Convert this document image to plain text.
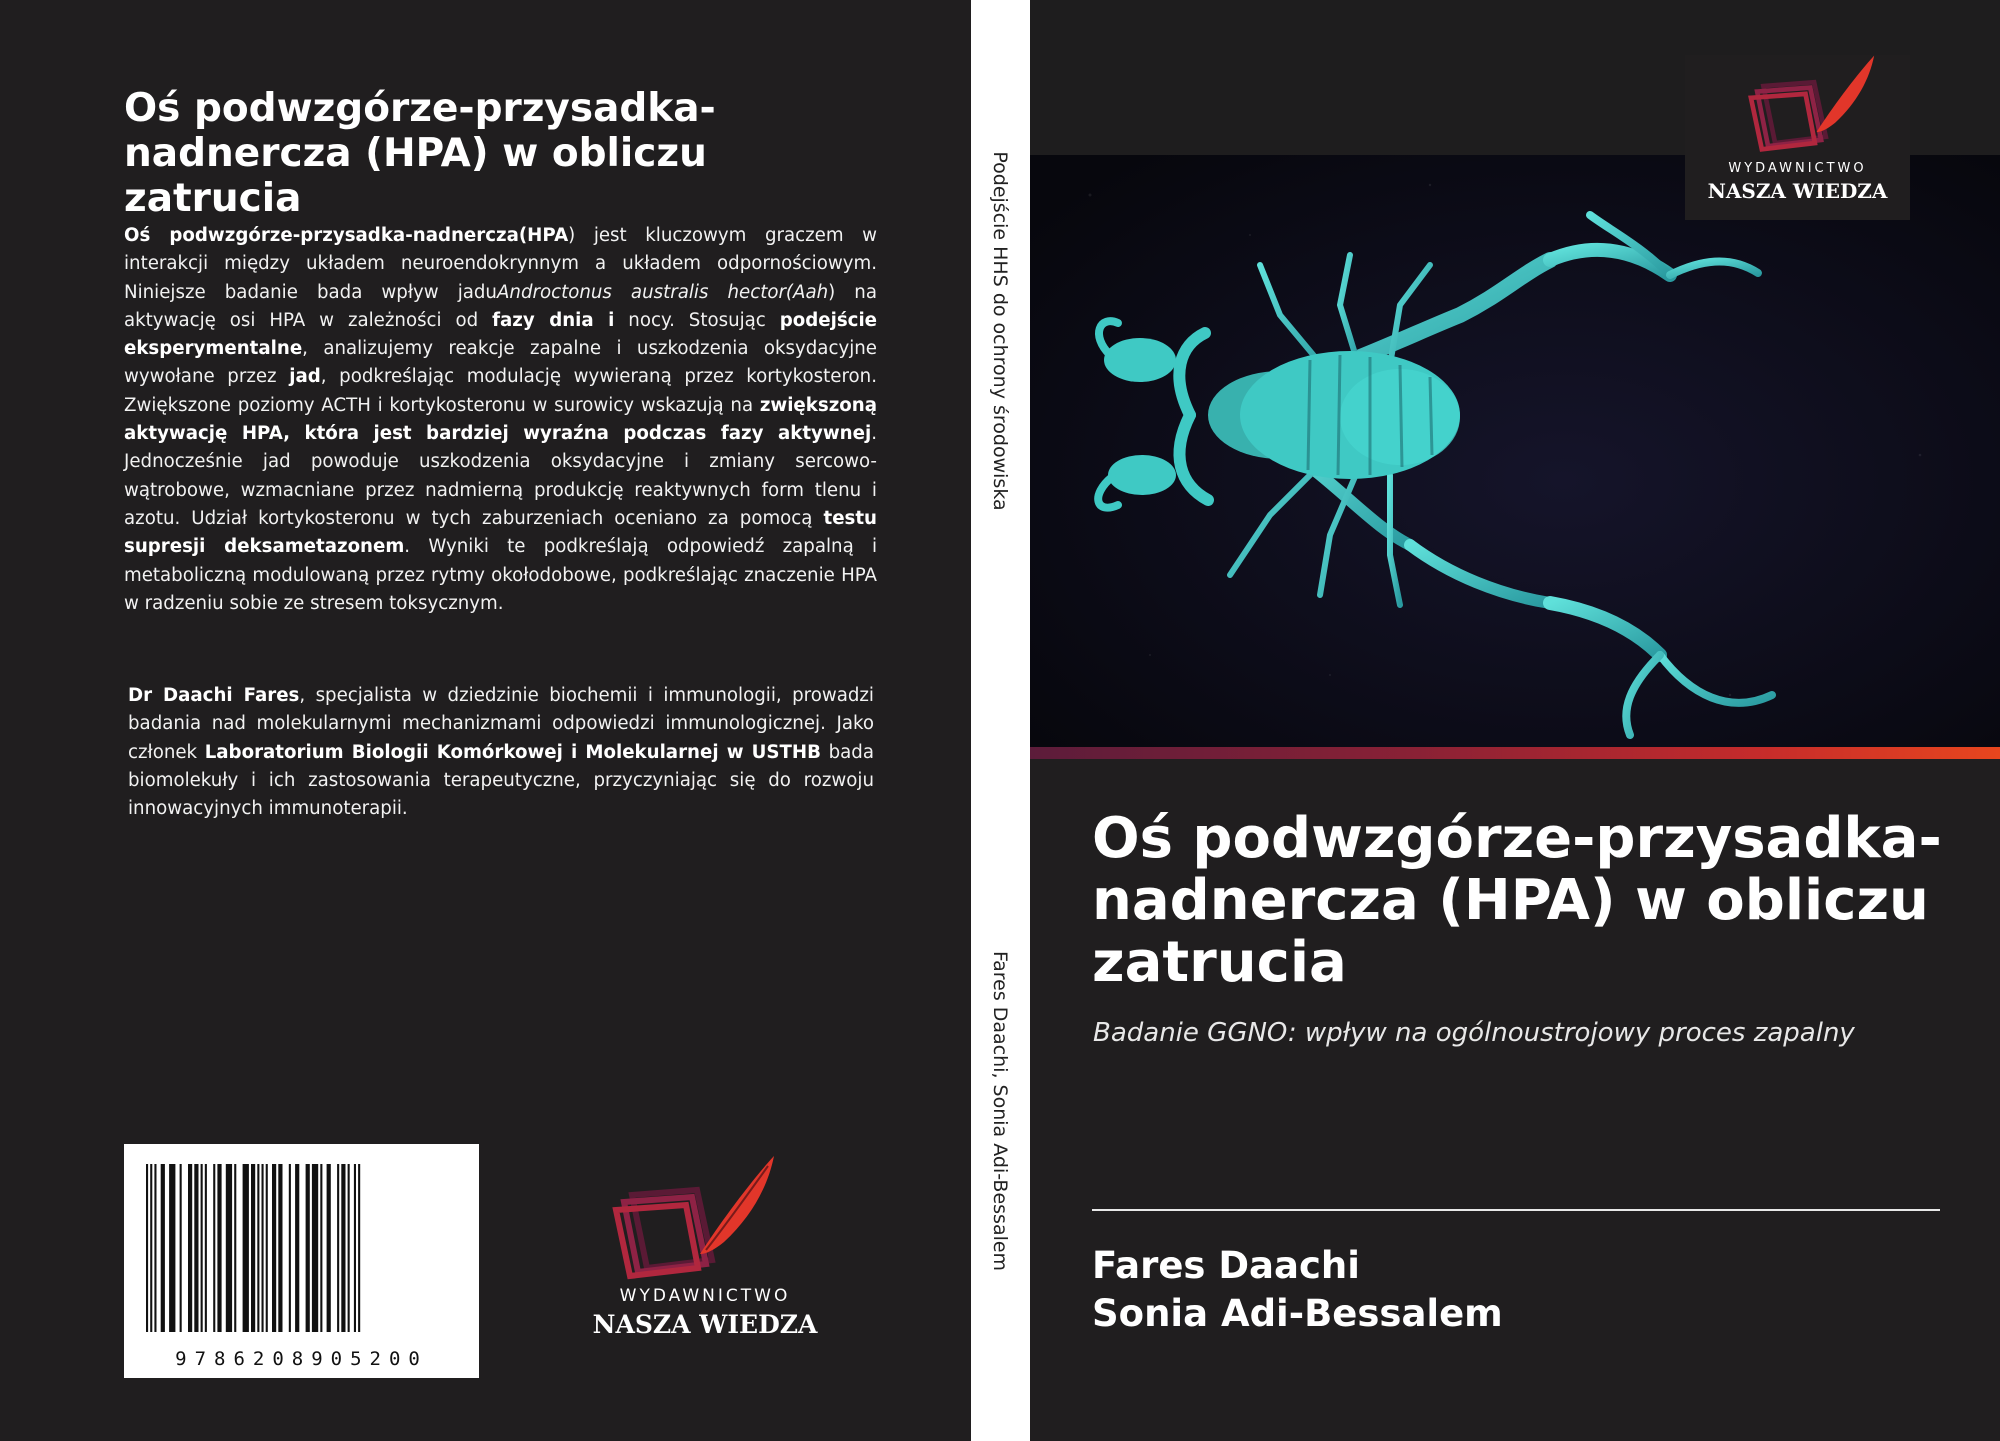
Oś podwzgórze-przysadka-nadnercza (HPA) w obliczu zatrucia

Oś podwzgórze-przysadka-nadnercza(HPA) jest kluczowym graczem w interakcji między układem neuroendokrynnym a układem odpornościowym. Niniejsze badanie bada wpływ jaduAndroctonus australis hector(Aah) na aktywację osi HPA w zależności od fazy dnia i nocy. Stosując podejście eksperymentalne, analizujemy reakcje zapalne i uszkodzenia oksydacyjne wywołane przez jad, podkreślając modulację wywieraną przez kortykosteron. Zwiększone poziomy ACTH i kortykosteronu w surowicy wskazują na zwiększoną aktywację HPA, która jest bardziej wyraźna podczas fazy aktywnej. Jednocześnie jad powoduje uszkodzenia oksydacyjne i zmiany sercowo-wątrobowe, wzmacniane przez nadmierną produkcję reaktywnych form tlenu i azotu. Udział kortykosteronu w tych zaburzeniach oceniano za pomocą testu supresji deksametazonem. Wyniki te podkreślają odpowiedź zapalną i metaboliczną modulowaną przez rytmy okołodobowe, podkreślając znaczenie HPA w radzeniu sobie ze stresem toksycznym.

Dr Daachi Fares, specjalista w dziedzinie biochemii i immunologii, prowadzi badania nad molekularnymi mechanizmami odpowiedzi immunologicznej. Jako członek Laboratorium Biologii Komórkowej i Molekularnej w USTHB bada biomolekuły i ich zastosowania terapeutyczne, przyczyniając się do rozwoju innowacyjnych immunoterapii.

9786208905200
WYDAWNICTWO
NASZA WIEDZA
Podejście HHS do ochrony środowiska
Fares Daachi, Sonia Adi-Bessalem
WYDAWNICTWO
NASZA WIEDZA
Oś podwzgórze-przysadka-nadnercza (HPA) w obliczu zatrucia
Badanie GGNO: wpływ na ogólnoustrojowy proces zapalny

Fares Daachi

Sonia Adi-Bessalem
